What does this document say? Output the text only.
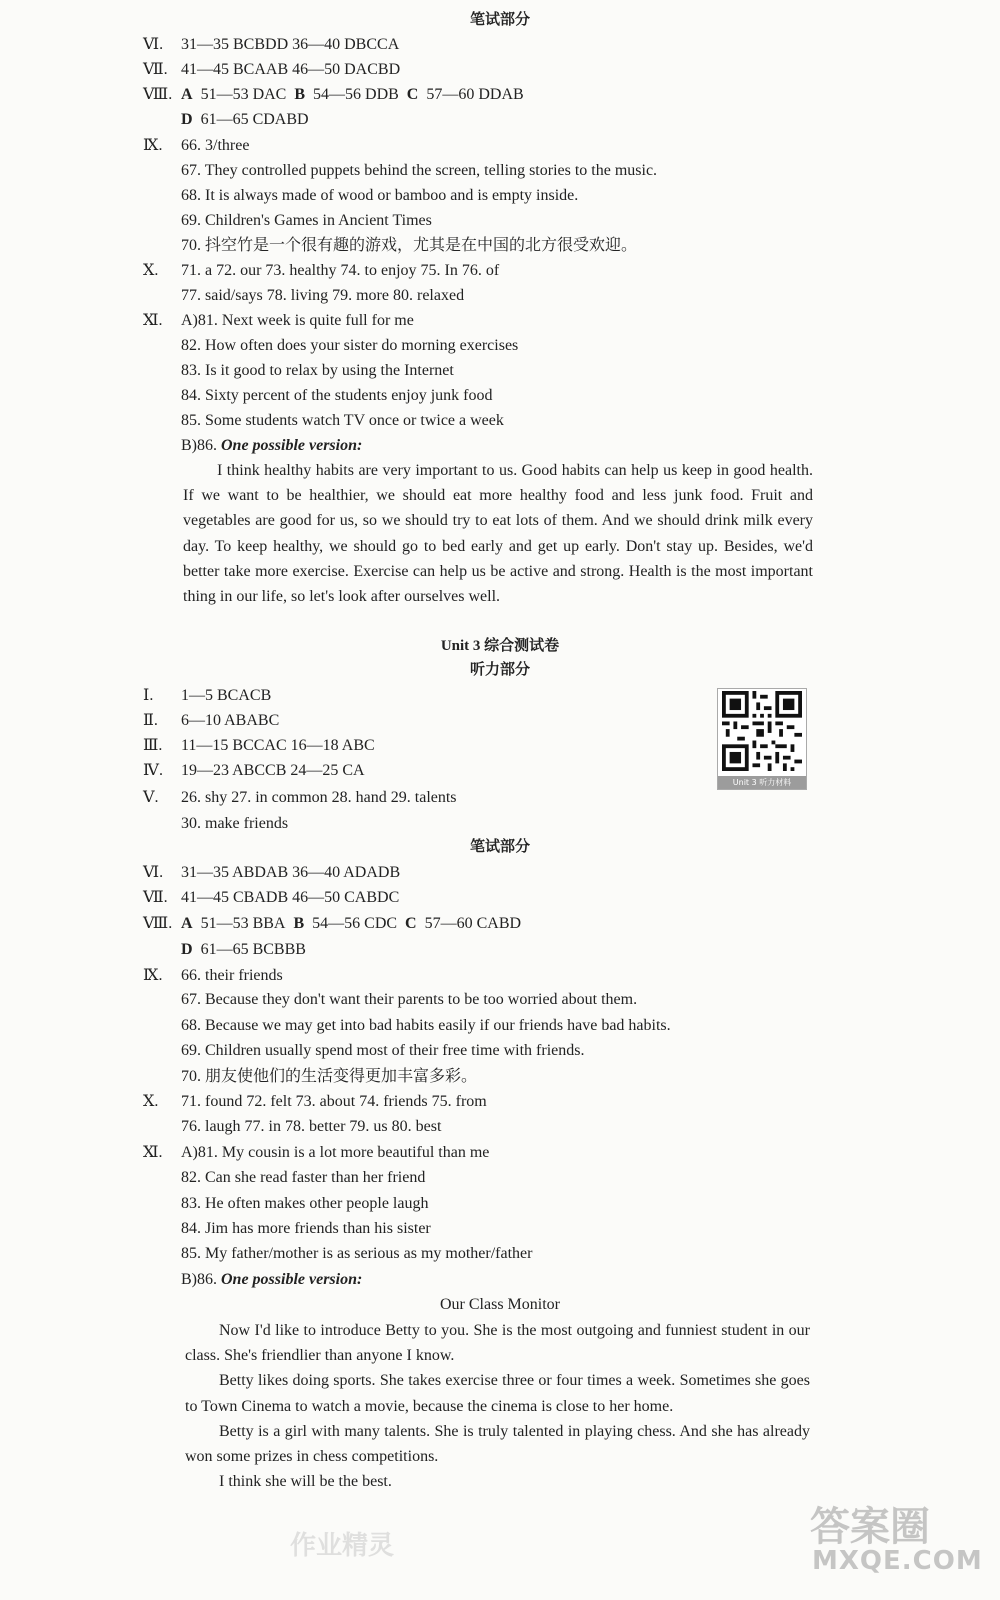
笔试部分
Ⅵ. 31—35 BCBDD 36—40 DBCCA
Ⅶ. 41—45 BCAAB 46—50 DACBD
Ⅷ. A 51—53 DAC B 54—56 DDB C 57—60 DDAB
D 61—65 CDABD
Ⅸ. 66. 3/three
67. They controlled puppets behind the screen, telling stories to the music.
68. It is always made of wood or bamboo and is empty inside.
69. Children's Games in Ancient Times
70. 抖空竹是一个很有趣的游戏，尤其是在中国的北方很受欢迎。
Ⅹ. 71. a 72. our 73. healthy 74. to enjoy 75. In 76. of
77. said/says 78. living 79. more 80. relaxed
Ⅺ. A)81. Next week is quite full for me
82. How often does your sister do morning exercises
83. Is it good to relax by using the Internet
84. Sixty percent of the students enjoy junk food
85. Some students watch TV once or twice a week
B)86. One possible version:

I think healthy habits are very important to us. Good habits can help us keep in good health. If we want to be healthier, we should eat more healthy food and less junk food. Fruit and vegetables are good for us, so we should try to eat lots of them. And we should drink milk every day. To keep healthy, we should go to bed early and get up early. Don't stay up. Besides, we'd better take more exercise. Exercise can help us be active and strong. Health is the most important thing in our life, so let's look after ourselves well.

Unit 3 综合测试卷
听力部分
Ⅰ. 1—5 BCACB
Ⅱ. 6—10 ABABC
Ⅲ. 11—15 BCCAC 16—18 ABC
Ⅳ. 19—23 ABCCB 24—25 CA
Ⅴ. 26. shy 27. in common 28. hand 29. talents
30. make friends
Unit 3 听力材料
笔试部分
Ⅵ. 31—35 ABDAB 36—40 ADADB
Ⅶ. 41—45 CBADB 46—50 CABDC
Ⅷ. A 51—53 BBA B 54—56 CDC C 57—60 CABD
D 61—65 BCBBB
Ⅸ. 66. their friends
67. Because they don't want their parents to be too worried about them.
68. Because we may get into bad habits easily if our friends have bad habits.
69. Children usually spend most of their free time with friends.
70. 朋友使他们的生活变得更加丰富多彩。
Ⅹ. 71. found 72. felt 73. about 74. friends 75. from
76. laugh 77. in 78. better 79. us 80. best
Ⅺ. A)81. My cousin is a lot more beautiful than me
82. Can she read faster than her friend
83. He often makes other people laugh
84. Jim has more friends than his sister
85. My father/mother is as serious as my mother/father
B)86. One possible version:
Our Class Monitor

Now I'd like to introduce Betty to you. She is the most outgoing and funniest student in our class. She's friendlier than anyone I know.

Betty likes doing sports. She takes exercise three or four times a week. Sometimes she goes to Town Cinema to watch a movie, because the cinema is close to her home.

Betty is a girl with many talents. She is truly talented in playing chess. And she has already won some prizes in chess competitions.

I think she will be the best.

答案圈
MXQE.COM
作业精灵
